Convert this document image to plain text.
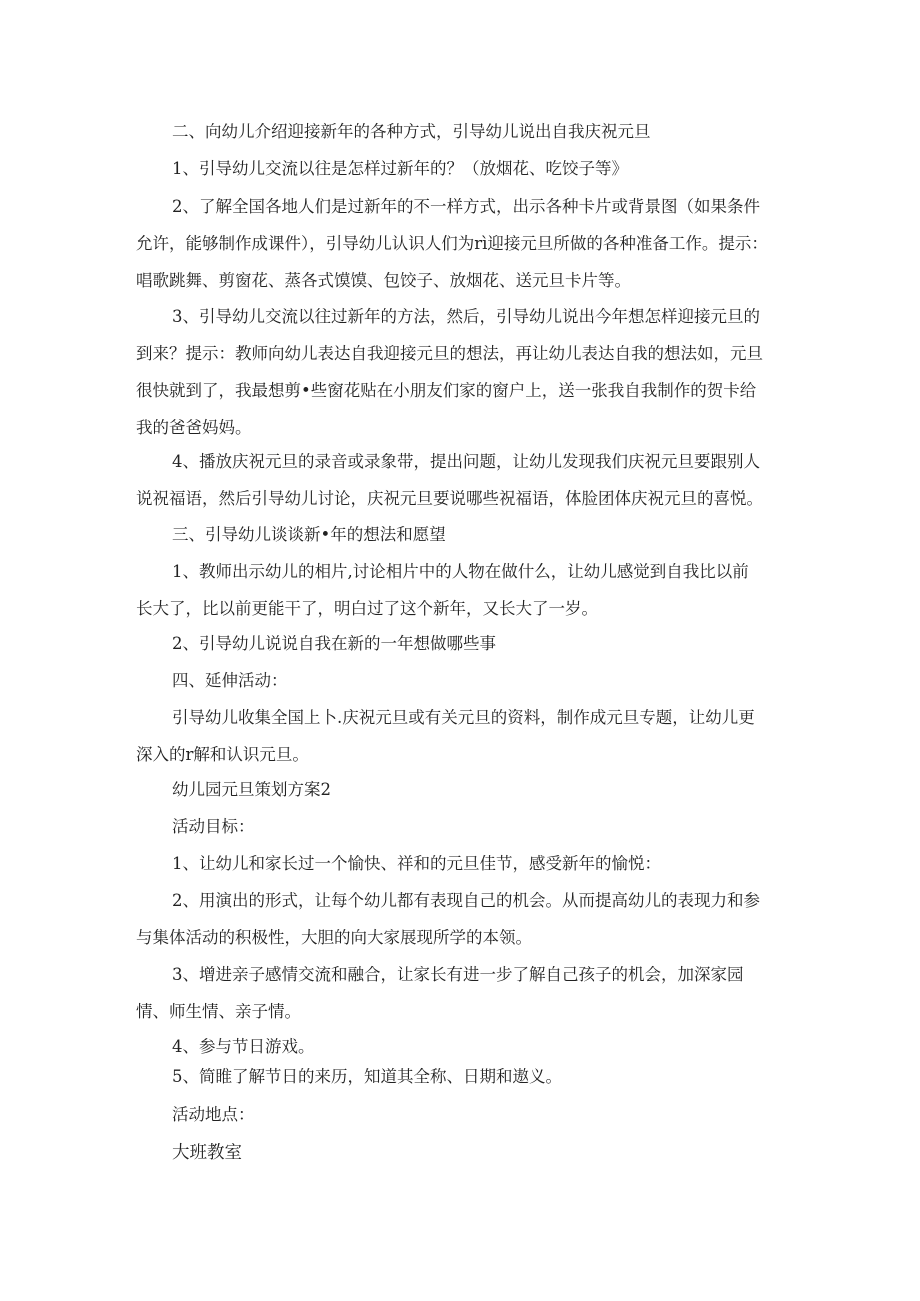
二、向幼儿介绍迎接新年的各种方式，引导幼儿说出自我庆祝元旦
1、引导幼儿交流以往是怎样过新年的？（放烟花、吃饺子等》
2、了解全国各地人们是过新年的不一样方式，出示各种卡片或背景图（如果条件
允许，能够制作成课件），引导幼儿认识人们为rì迎接元旦所做的各种准备工作。提示：
唱歌跳舞、剪窗花、蒸各式馍馍、包饺子、放烟花、送元旦卡片等。
3、引导幼儿交流以往过新年的方法，然后，引导幼儿说出今年想怎样迎接元旦的
到来？提示：教师向幼儿表达自我迎接元旦的想法，再让幼儿表达自我的想法如，元旦
很快就到了，我最想剪•些窗花贴在小朋友们家的窗户上，送一张我自我制作的贺卡给
我的爸爸妈妈。
4、播放庆祝元旦的录音或录象带，提出问题，让幼儿发现我们庆祝元旦要跟别人
说祝福语，然后引导幼儿讨论，庆祝元旦要说哪些祝福语，体脸团体庆祝元旦的喜悦。
三、引导幼儿谈谈新•年的想法和愿望
1、教师出示幼儿的相片,讨论相片中的人物在做什么，让幼儿感觉到自我比以前
长大了，比以前更能干了，明白过了这个新年，又长大了一岁。
2、引导幼儿说说自我在新的一年想做哪些事
四、延伸活动：
引导幼儿收集全国上卜.庆祝元旦或有关元旦的资料，制作成元旦专题，让幼儿更
深入的r解和认识元旦。
幼儿园元旦策划方案2
活动目标：
1、让幼儿和家长过一个愉快、祥和的元旦佳节，感受新年的愉悦：
2、用演出的形式，让每个幼儿都有表现自己的机会。从而提高幼儿的表现力和参
与集体活动的积极性，大胆的向大家展现所学的本领。
3、增进亲子感情交流和融合，让家长有进一步了解自己孩子的机会，加深家园
情、师生情、亲子情。
4、参与节日游戏。
5、简睢了解节日的来历，知道其全称、日期和遨义。
活动地点：
大班教室
